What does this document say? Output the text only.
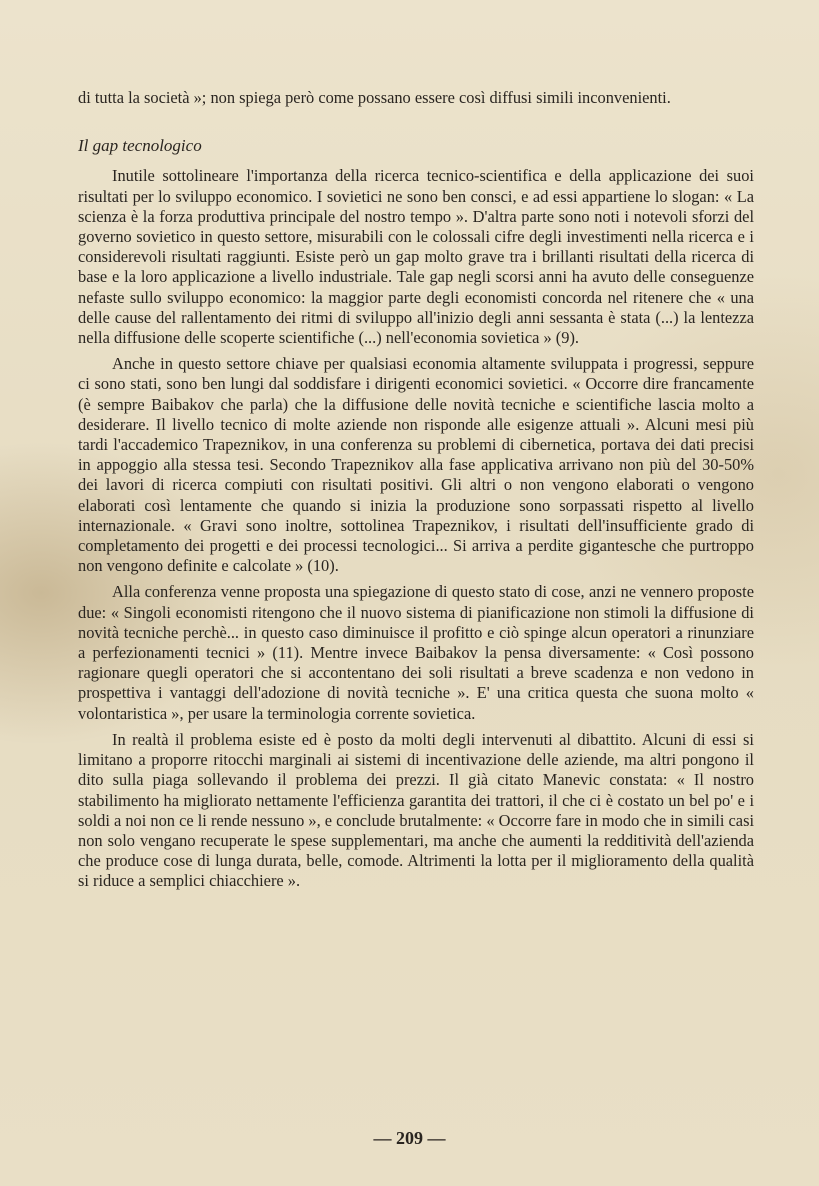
di tutta la società »; non spiega però come possano essere così diffusi simili inconvenienti.

Il gap tecnologico

Inutile sottolineare l'importanza della ricerca tecnico-scientifica e della applicazione dei suoi risultati per lo sviluppo economico. I sovietici ne sono ben consci, e ad essi appartiene lo slogan: « La scienza è la forza produttiva principale del nostro tempo ». D'altra parte sono noti i notevoli sforzi del governo sovietico in questo settore, misurabili con le colossali cifre degli investimenti nella ricerca e i considerevoli risultati raggiunti. Esiste però un gap molto grave tra i brillanti risultati della ricerca di base e la loro applicazione a livello industriale. Tale gap negli scorsi anni ha avuto delle conseguenze nefaste sullo sviluppo economico: la maggior parte degli economisti concorda nel ritenere che « una delle cause del rallentamento dei ritmi di sviluppo all'inizio degli anni sessanta è stata (...) la lentezza nella diffusione delle scoperte scientifiche (...) nell'economia sovietica » (9).

Anche in questo settore chiave per qualsiasi economia altamente sviluppata i progressi, seppure ci sono stati, sono ben lungi dal soddisfare i dirigenti economici sovietici. « Occorre dire francamente (è sempre Baibakov che parla) che la diffusione delle novità tecniche e scientifiche lascia molto a desiderare. Il livello tecnico di molte aziende non risponde alle esigenze attuali ». Alcuni mesi più tardi l'accademico Trapeznikov, in una conferenza su problemi di cibernetica, portava dei dati precisi in appoggio alla stessa tesi. Secondo Trapeznikov alla fase applicativa arrivano non più del 30-50% dei lavori di ricerca compiuti con risultati positivi. Gli altri o non vengono elaborati o vengono elaborati così lentamente che quando si inizia la produzione sono sorpassati rispetto al livello internazionale. « Gravi sono inoltre, sottolinea Trapeznikov, i risultati dell'insufficiente grado di completamento dei progetti e dei processi tecnologici... Si arriva a perdite gigantesche che purtroppo non vengono definite e calcolate » (10).

Alla conferenza venne proposta una spiegazione di questo stato di cose, anzi ne vennero proposte due: « Singoli economisti ritengono che il nuovo sistema di pianificazione non stimoli la diffusione di novità tecniche perchè... in questo caso diminuisce il profitto e ciò spinge alcun operatori a rinunziare a perfezionamenti tecnici » (11). Mentre invece Baibakov la pensa diversamente: « Così possono ragionare quegli operatori che si accontentano dei soli risultati a breve scadenza e non vedono in prospettiva i vantaggi dell'adozione di novità tecniche ». E' una critica questa che suona molto « volontaristica », per usare la terminologia corrente sovietica.

In realtà il problema esiste ed è posto da molti degli intervenuti al dibattito. Alcuni di essi si limitano a proporre ritocchi marginali ai sistemi di incentivazione delle aziende, ma altri pongono il dito sulla piaga sollevando il problema dei prezzi. Il già citato Manevic constata: « Il nostro stabilimento ha migliorato nettamente l'efficienza garantita dei trattori, il che ci è costato un bel po' e i soldi a noi non ce li rende nessuno », e conclude brutalmente: « Occorre fare in modo che in simili casi non solo vengano recuperate le spese supplementari, ma anche che aumenti la redditività dell'azienda che produce cose di lunga durata, belle, comode. Altrimenti la lotta per il miglioramento della qualità si riduce a semplici chiacchiere ».

— 209 —
